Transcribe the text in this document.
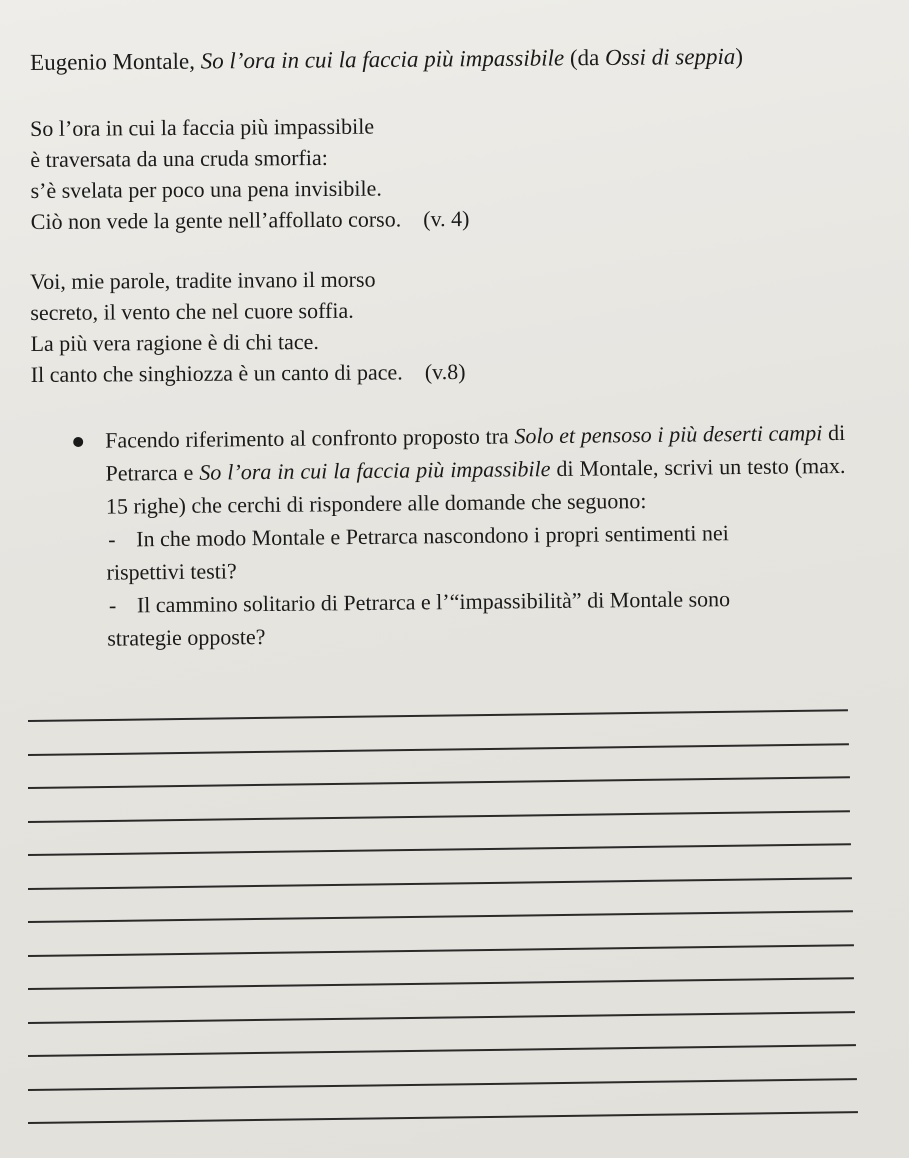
Eugenio Montale, So l’ora in cui la faccia più impassibile (da Ossi di seppia)
So l’ora in cui la faccia più impassibile
è traversata da una cruda smorfia:
s’è svelata per poco una pena invisibile.
Ciò non vede la gente nell’affollato corso. (v. 4)
Voi, mie parole, tradite invano il morso
secreto, il vento che nel cuore soffia.
La più vera ragione è di chi tace.
Il canto che singhiozza è un canto di pace. (v.8)
Facendo riferimento al confronto proposto tra Solo et pensoso i più deserti campi di Petrarca e So l’ora in cui la faccia più impassibile di Montale, scrivi un testo (max. 15 righe) che cerchi di rispondere alle domande che seguono:
- In che modo Montale e Petrarca nascondono i propri sentimenti nei
rispettivi testi?
- Il cammino solitario di Petrarca e l’“impassibilità” di Montale sono
strategie opposte?
